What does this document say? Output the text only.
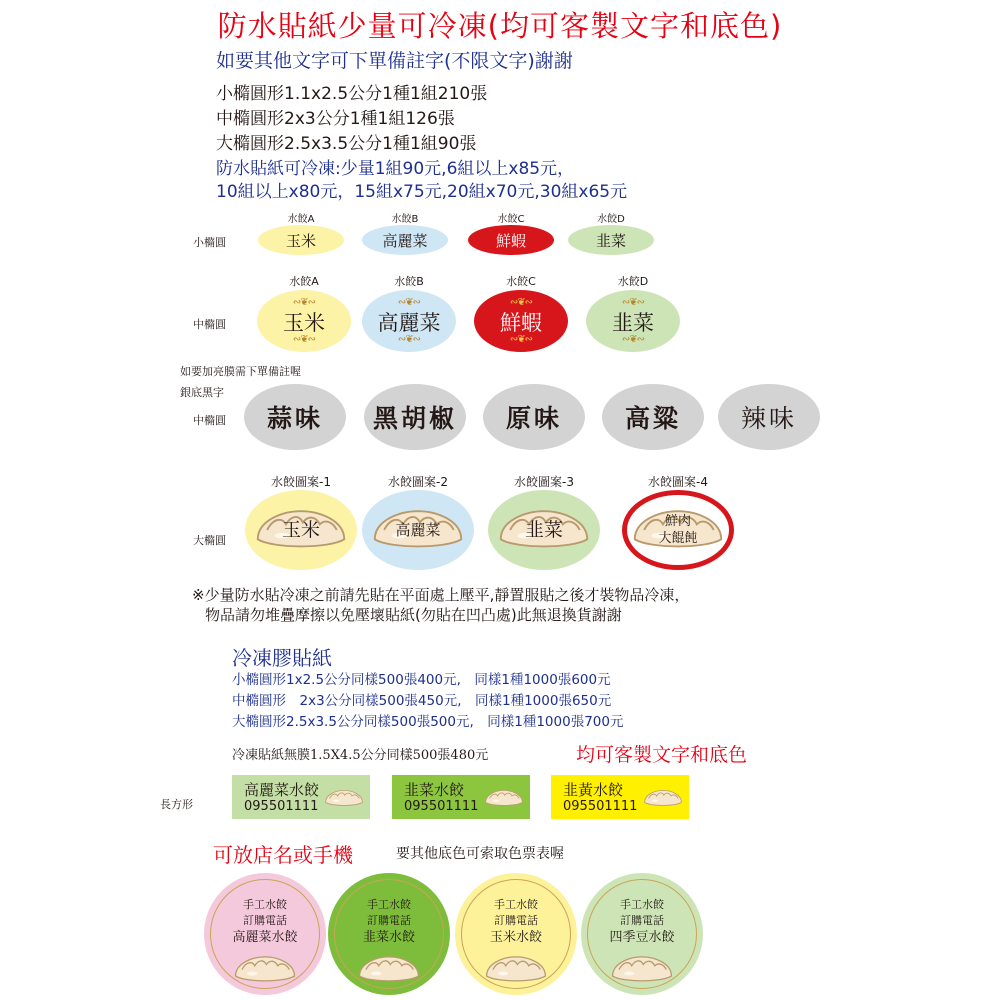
防水貼紙少量可冷凍(均可客製文字和底色)
如要其他文字可下單備註字(不限文字)謝謝
小橢圓形1.1x2.5公分1種1組210張
中橢圓形2x3公分1種1組126張
大橢圓形2.5x3.5公分1種1組90張
防水貼紙可冷凍:少量1組90元,6組以上x85元，
10組以上x80元，15組x75元,20組x70元,30組x65元
小橢圓
水餃A
玉米
水餃B
高麗菜
水餃C
鮮蝦
水餃D
韭菜
中橢圓
水餃A
∾❦∾
玉米
∾❦∾
水餃B
∾❦∾
高麗菜
∾❦∾
水餃C
∾❦∾
鮮蝦
∾❦∾
水餃D
∾❦∾
韭菜
∾❦∾
如要加亮膜需下單備註喔
銀底黑字
中橢圓	蒜味	黑胡椒	原味	高粱	辣味
大橢圓
水餃圖案-1
玉米
水餃圖案-2
高麗菜
水餃圖案-3
韭菜
水餃圖案-4
鮮肉
大餛飩
※少量防水貼冷凍之前請先貼在平面處上壓平,靜置服貼之後才裝物品冷凍，
物品請勿堆疊摩擦以免壓壞貼紙(勿貼在凹凸處)此無退換貨謝謝
冷凍膠貼紙
小橢圓形1x2.5公分同樣500張400元,　同樣1種1000張600元
中橢圓形　2x3公分同樣500張450元,　同樣1種1000張650元
大橢圓形2.5x3.5公分同樣500張500元,　同樣1種1000張700元
冷凍貼紙無膜1.5X4.5公分同樣500張480元	均可客製文字和底色
長方形
高麗菜水餃
095501111
韭菜水餃
095501111
韭黃水餃
095501111
可放店名或手機	要其他底色可索取色票表喔
手工水餃
訂購電話
高麗菜水餃
手工水餃
訂購電話
韭菜水餃
手工水餃
訂購電話
玉米水餃
手工水餃
訂購電話
四季豆水餃
